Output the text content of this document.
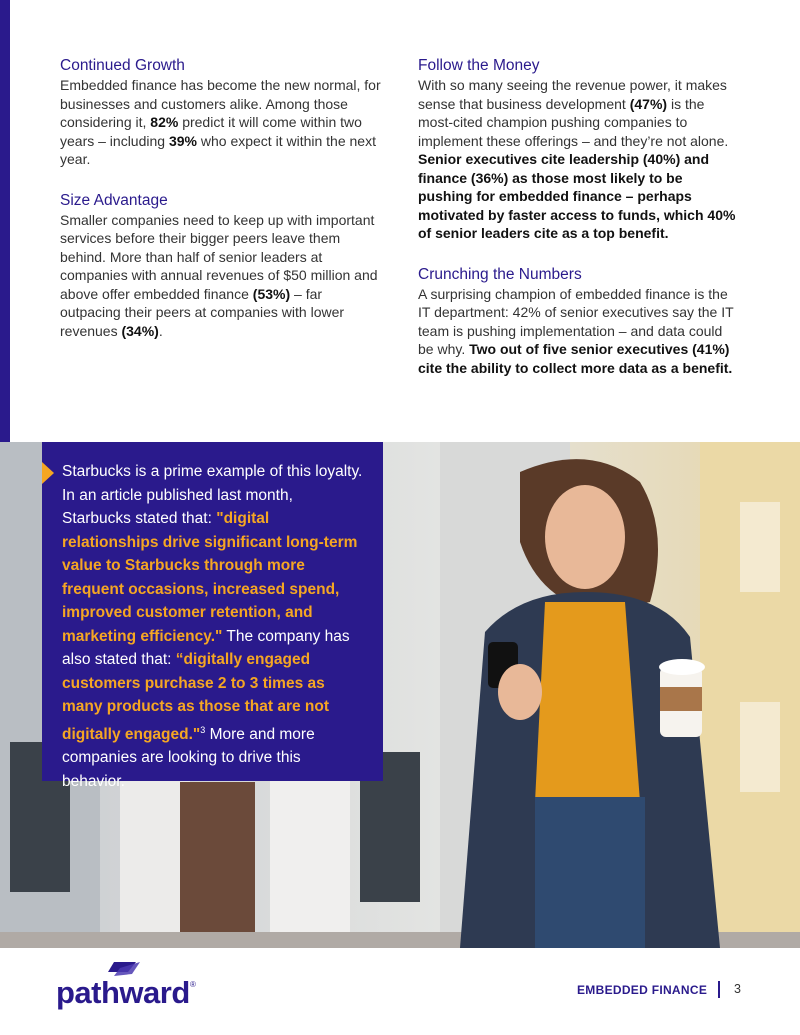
Continued Growth

Embedded finance has become the new normal, for businesses and customers alike. Among those considering it, 82% predict it will come within two years – including 39% who expect it within the next year.

Size Advantage

Smaller companies need to keep up with important services before their bigger peers leave them behind. More than half of senior leaders at companies with annual revenues of $50 million and above offer embedded finance (53%) – far outpacing their peers at companies with lower revenues (34%).

Follow the Money

With so many seeing the revenue power, it makes sense that business development (47%) is the most-cited champion pushing companies to implement these offerings – and they’re not alone. Senior executives cite leadership (40%) and finance (36%) as those most likely to be pushing for embedded finance – perhaps motivated by faster access to funds, which 40% of senior leaders cite as a top benefit.

Crunching the Numbers

A surprising champion of embedded finance is the IT department: 42% of senior executives say the IT team is pushing implementation – and data could be why. Two out of five senior executives (41%) cite the ability to collect more data as a benefit.

Starbucks is a prime example of this loyalty. In an article published last month, Starbucks stated that: "digital relationships drive significant long-term value to Starbucks through more frequent occasions, increased spend, improved customer retention, and marketing efficiency." The company has also stated that: “digitally engaged customers purchase 2 to 3 times as many products as those that are not digitally engaged."$^3$ More and more companies are looking to drive this behavior.

pathward ®	EMBEDDED FINANCE 3
